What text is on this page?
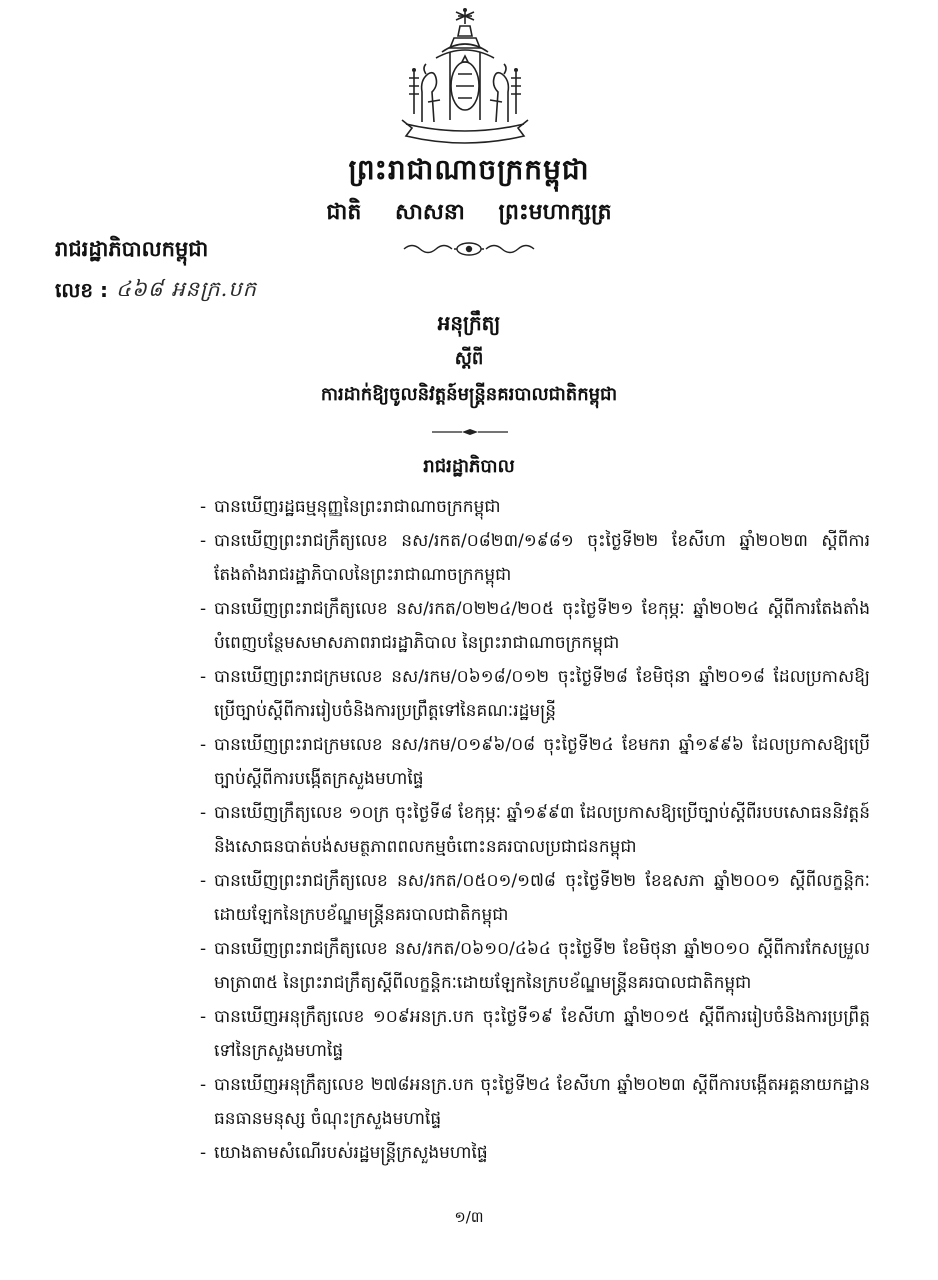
ព្រះរាជាណាចក្រកម្ពុជា
ជាតិ សាសនា ព្រះមហាក្សត្រ
រាជរដ្ឋាភិបាលកម្ពុជា
លេខ : ៤៦៨ អនក្រ.បក
អនុក្រឹត្យ
ស្តីពី
ការដាក់ឱ្យចូលនិវត្តន៍មន្ត្រីនគរបាលជាតិកម្ពុជា
រាជរដ្ឋាភិបាល
- បានឃើញរដ្ឋធម្មនុញ្ញនៃព្រះរាជាណាចក្រកម្ពុជា
- បានឃើញព្រះរាជក្រឹត្យលេខ នស/រកត/០៨២៣/១៩៨១ ចុះថ្ងៃទី២២ ខែសីហា ឆ្នាំ២០២៣ ស្តីពីការតែងតាំងរាជរដ្ឋាភិបាលនៃព្រះរាជាណាចក្រកម្ពុជា
- បានឃើញព្រះរាជក្រឹត្យលេខ នស/រកត/០២២៤/២០៥ ចុះថ្ងៃទី២១ ខែកុម្ភៈ ឆ្នាំ២០២៤ ស្តីពីការតែងតាំងបំពេញបន្ថែមសមាសភាពរាជរដ្ឋាភិបាល នៃព្រះរាជាណាចក្រកម្ពុជា
- បានឃើញព្រះរាជក្រមលេខ នស/រកម/០៦១៨/០១២ ចុះថ្ងៃទី២៨ ខែមិថុនា ឆ្នាំ២០១៨ ដែលប្រកាសឱ្យប្រើច្បាប់ស្តីពីការរៀបចំនិងការប្រព្រឹត្តទៅនៃគណៈរដ្ឋមន្ត្រី
- បានឃើញព្រះរាជក្រមលេខ នស/រកម/០១៩៦/០៨ ចុះថ្ងៃទី២៤ ខែមករា ឆ្នាំ១៩៩៦ ដែលប្រកាសឱ្យប្រើច្បាប់ស្តីពីការបង្កើតក្រសួងមហាផ្ទៃ
- បានឃើញក្រឹត្យលេខ ១០ក្រ ចុះថ្ងៃទី៨ ខែកុម្ភៈ ឆ្នាំ១៩៩៣ ដែលប្រកាសឱ្យប្រើច្បាប់ស្តីពីរបបសោធននិវត្តន៍ និងសោធនបាត់បង់សមត្ថភាពពលកម្មចំពោះនគរបាលប្រជាជនកម្ពុជា
- បានឃើញព្រះរាជក្រឹត្យលេខ នស/រកត/០៥០១/១៧៨ ចុះថ្ងៃទី២២ ខែឧសភា ឆ្នាំ២០០១ ស្តីពីលក្ខន្តិកៈដោយឡែកនៃក្របខ័ណ្ឌមន្ត្រីនគរបាលជាតិកម្ពុជា
- បានឃើញព្រះរាជក្រឹត្យលេខ នស/រកត/០៦១០/៤៦៤ ចុះថ្ងៃទី២ ខែមិថុនា ឆ្នាំ២០១០ ស្តីពីការកែសម្រួលមាត្រា៣៥ នៃព្រះរាជក្រឹត្យស្តីពីលក្ខន្តិកៈដោយឡែកនៃក្របខ័ណ្ឌមន្ត្រីនគរបាលជាតិកម្ពុជា
- បានឃើញអនុក្រឹត្យលេខ ១០៩អនក្រ.បក ចុះថ្ងៃទី១៩ ខែសីហា ឆ្នាំ២០១៥ ស្តីពីការរៀបចំនិងការប្រព្រឹត្តទៅនៃក្រសួងមហាផ្ទៃ
- បានឃើញអនុក្រឹត្យលេខ ២៧៨អនក្រ.បក ចុះថ្ងៃទី២៤ ខែសីហា ឆ្នាំ២០២៣ ស្តីពីការបង្កើតអគ្គនាយកដ្ឋានធនធានមនុស្ស ចំណុះក្រសួងមហាផ្ទៃ
- យោងតាមសំណើរបស់រដ្ឋមន្ត្រីក្រសួងមហាផ្ទៃ
១/៣
